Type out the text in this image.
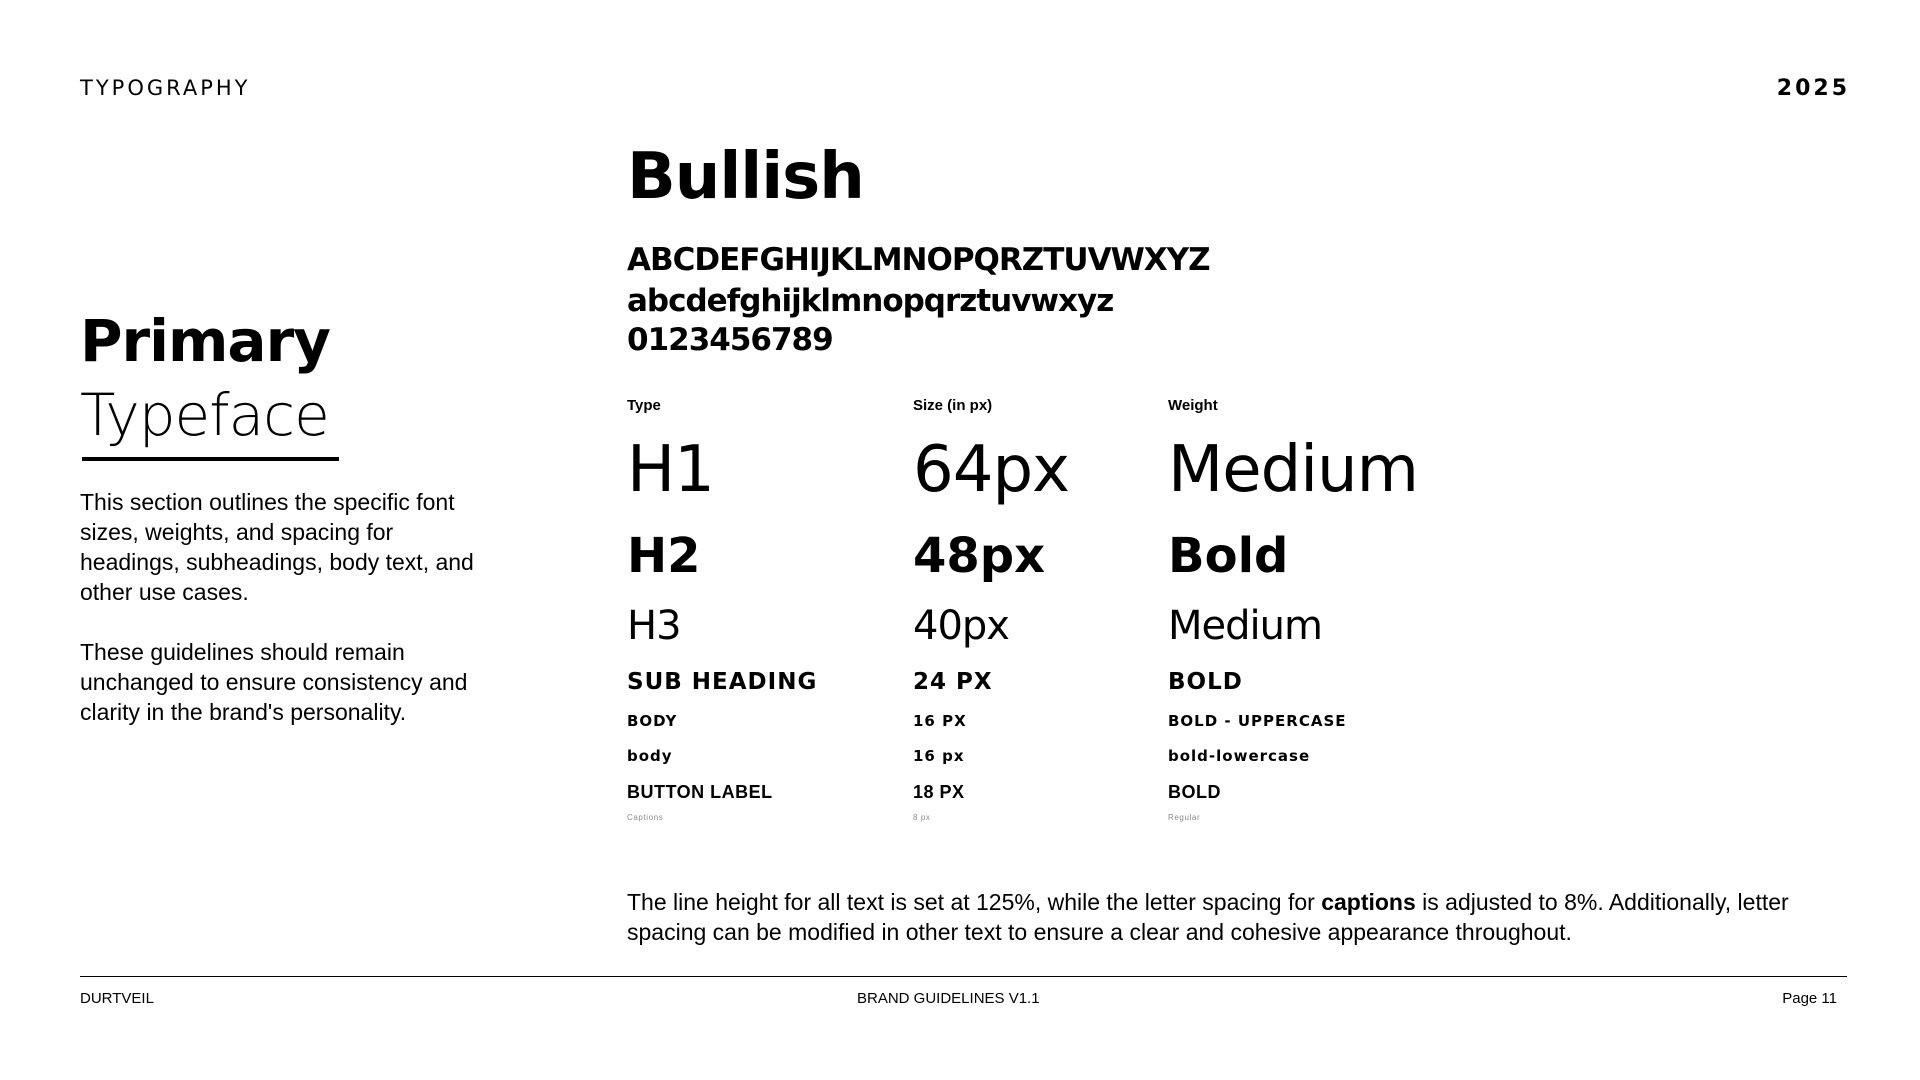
TYPOGRAPHY	2025
Primary
Typeface

This section outlines the specific font sizes, weights, and spacing for headings, subheadings, body text, and other use cases.

These guidelines should remain unchanged to ensure consistency and clarity in the brand's personality.

Bullish
ABCDEFGHIJKLMNOPQRZTUVWXYZ
abcdefghijklmnopqrztuvwxyz
0123456789
Type	Size (in px)	Weight
H1	64px Medium
H2	48px	Bold
H3	40px	Medium
SUB HEADING	24 PX	BOLD
BODY	16 PX	BOLD - UPPERCASE
body	16 px	bold-lowercase
BUTTON LABEL	18 PX	BOLD
Captions	8 px	Regular

The line height for all text is set at 125%, while the letter spacing for captions is adjusted to 8%. Additionally, letter spacing can be modified in other text to ensure a clear and cohesive appearance throughout.

DURTVEIL	BRAND GUIDELINES V1.1	Page 11
